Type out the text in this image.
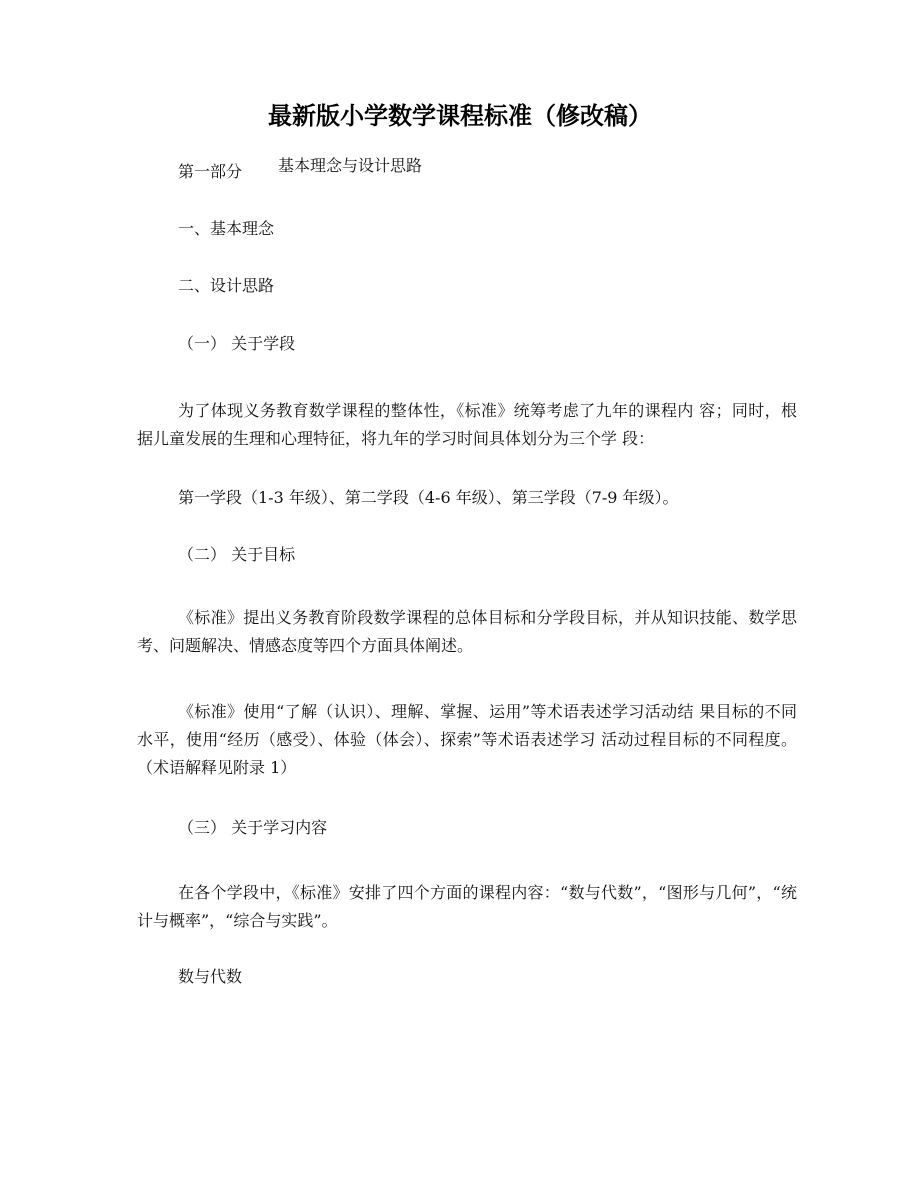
最新版小学数学课程标准（修改稿）
第一部分 基本理念与设计思路
一、基本理念
二、设计思路
（一） 关于学段
为了体现义务教育数学课程的整体性，《标准》统筹考虑了九年的课程内 容；同时，根据儿童发展的生理和心理特征，将九年的学习时间具体划分为三个学 段：
第一学段（1-3 年级）、第二学段（4-6 年级）、第三学段（7-9 年级）。
（二） 关于目标
《标准》提出义务教育阶段数学课程的总体目标和分学段目标，并从知识技能、数学思考、问题解决、情感态度等四个方面具体阐述。
《标准》使用“了解（认识）、理解、掌握、运用”等术语表述学习活动结 果目标的不同水平，使用“经历（感受）、体验（体会）、探索”等术语表述学习 活动过程目标的不同程度。（术语解释见附录 1）
（三） 关于学习内容
在各个学段中，《标准》安排了四个方面的课程内容：“数与代数”，“图形与几何”，“统计与概率”，“综合与实践”。
数与代数
